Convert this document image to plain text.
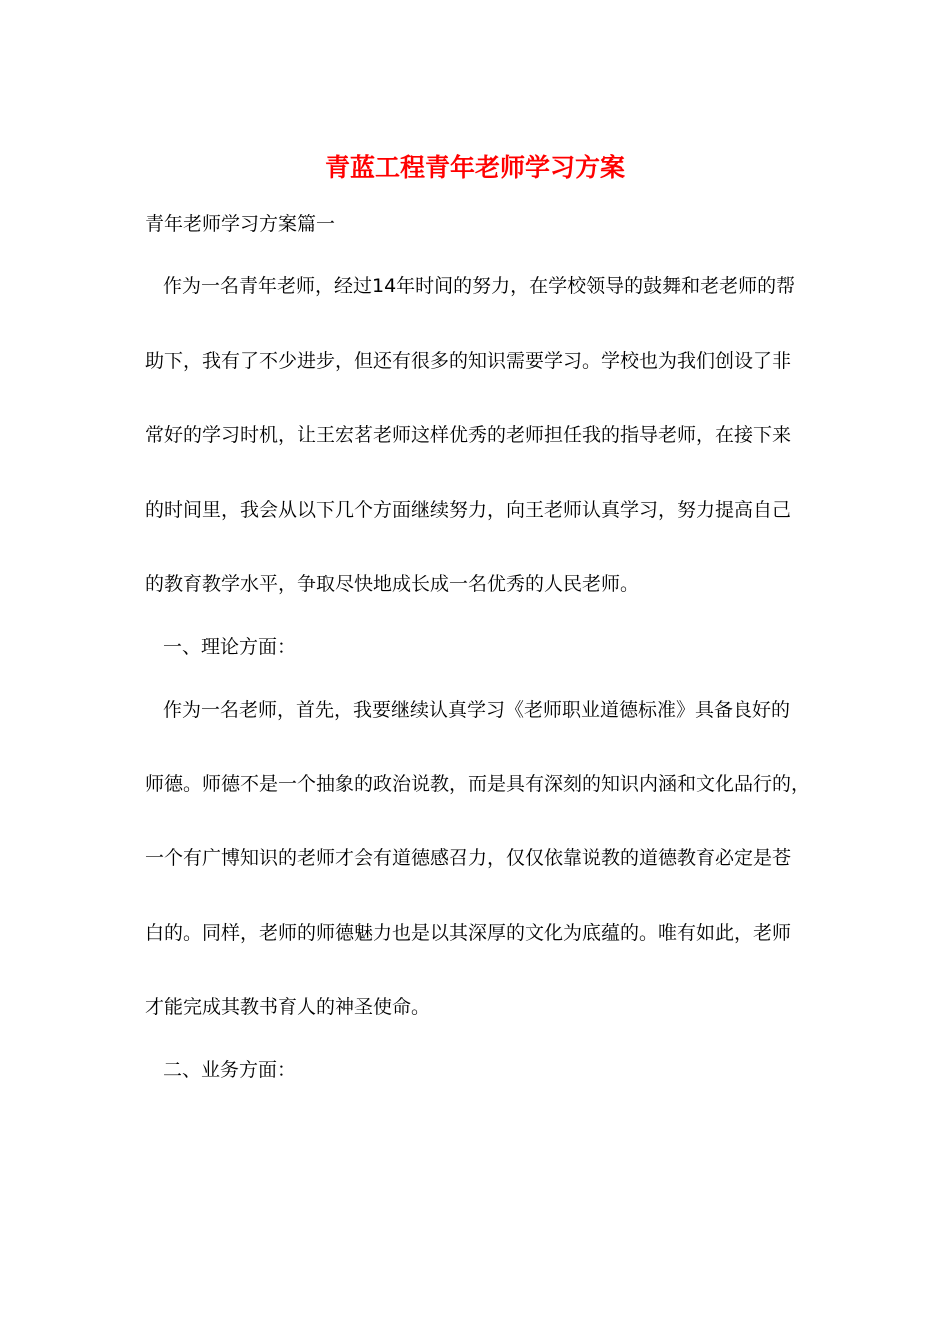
青蓝工程青年老师学习方案
青年老师学习方案篇一
作为一名青年老师，经过14年时间的努力，在学校领导的鼓舞和老老师的帮
助下，我有了不少进步，但还有很多的知识需要学习。学校也为我们创设了非
常好的学习时机，让王宏茗老师这样优秀的老师担任我的指导老师，在接下来
的时间里，我会从以下几个方面继续努力，向王老师认真学习，努力提高自己
的教育教学水平，争取尽快地成长成一名优秀的人民老师。
一、理论方面：
作为一名老师，首先，我要继续认真学习《老师职业道德标准》具备良好的
师德。师德不是一个抽象的政治说教，而是具有深刻的知识内涵和文化品行的，
一个有广博知识的老师才会有道德感召力，仅仅依靠说教的道德教育必定是苍
白的。同样，老师的师德魅力也是以其深厚的文化为底蕴的。唯有如此，老师
才能完成其教书育人的神圣使命。
二、业务方面：
